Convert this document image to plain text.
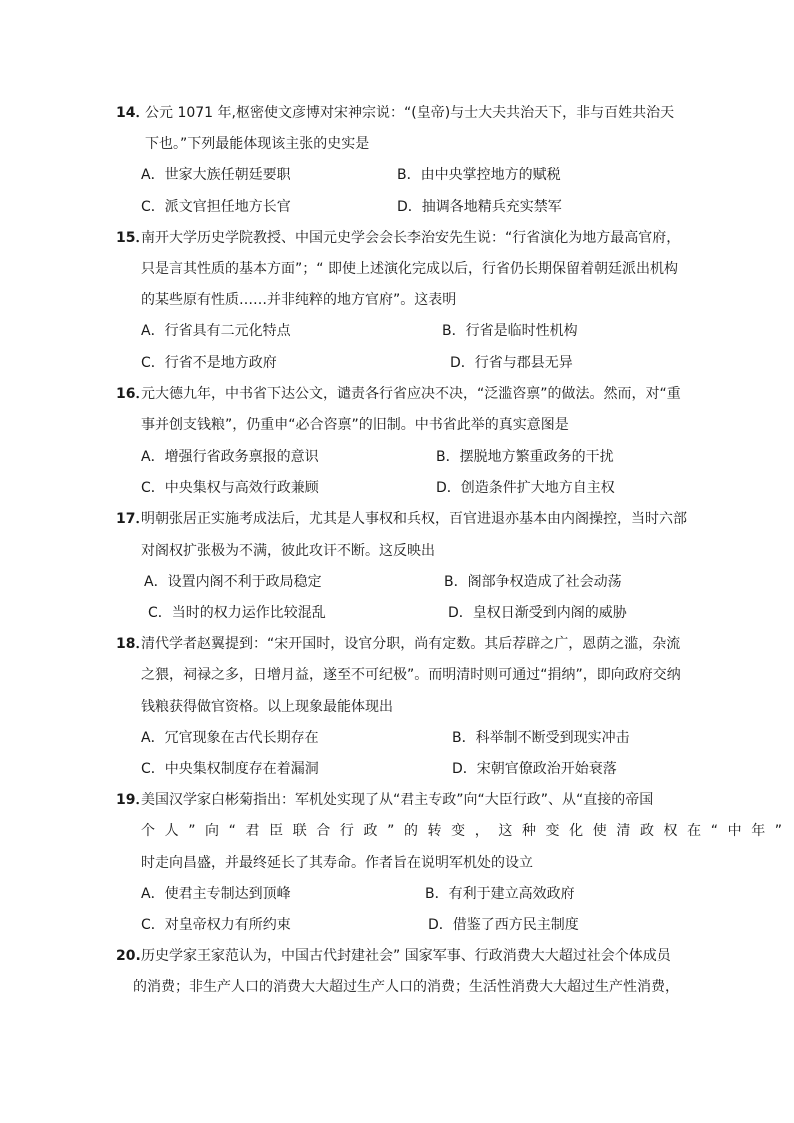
14．
公元 1071 年,枢密使文彦博对宋神宗说：“(皇帝)与士大夫共治天下，非与百姓共治天
下也。”下列最能体现该主张的史实是
A．世家大族任朝廷要职	B．由中央掌控地方的赋税
C．派文官担任地方长官	D．抽调各地精兵充实禁军
15．
南开大学历史学院教授、中国元史学会会长李治安先生说：“行省演化为地方最高官府，
只是言其性质的基本方面”；“ 即使上述演化完成以后，行省仍长期保留着朝廷派出机构
的某些原有性质……并非纯粹的地方官府”。这表明
A．行省具有二元化特点	B．行省是临时性机构
C．行省不是地方政府	D．行省与郡县无异
16．
元大德九年，中书省下达公文，谴责各行省应决不决，“泛滥咨禀”的做法。然而，对“重
事并创支钱粮”，仍重申“必合咨禀”的旧制。中书省此举的真实意图是
A．增强行省政务禀报的意识	B．摆脱地方繁重政务的干扰
C．中央集权与高效行政兼顾	D．创造条件扩大地方自主权
17．
明朝张居正实施考成法后，尤其是人事权和兵权，百官进退亦基本由内阁操控，当时六部
对阁权扩张极为不满，彼此攻讦不断。这反映出
A．设置内阁不利于政局稳定	B．阁部争权造成了社会动荡
C．当时的权力运作比较混乱	D．皇权日渐受到内阁的威胁
18．
清代学者赵翼提到：“宋开国时，设官分职，尚有定数。其后荐辟之广，恩荫之滥，杂流
之猥，祠禄之多，日增月益，遂至不可纪极”。而明清时则可通过“捐纳”，即向政府交纳
钱粮获得做官资格。以上现象最能体现出
A．冗官现象在古代长期存在	B．科举制不断受到现实冲击
C．中央集权制度存在着漏洞	D．宋朝官僚政治开始衰落
19．
美国汉学家白彬菊指出：军机处实现了从“君主专政”向“大臣行政”、从“直接的帝国
个人”向“君臣联合行政”的转变，这种变化使清政权在“中年”
时走向昌盛，并最终延长了其寿命。作者旨在说明军机处的设立
A．使君主专制达到顶峰	B．有利于建立高效政府
C．对皇帝权力有所约束	D．借鉴了西方民主制度
20. 历史学家王家范认为，中国古代封建社会” 国家军事、行政消费大大超过社会个体成员
的消费；非生产人口的消费大大超过生产人口的消费；生活性消费大大超过生产性消费，
